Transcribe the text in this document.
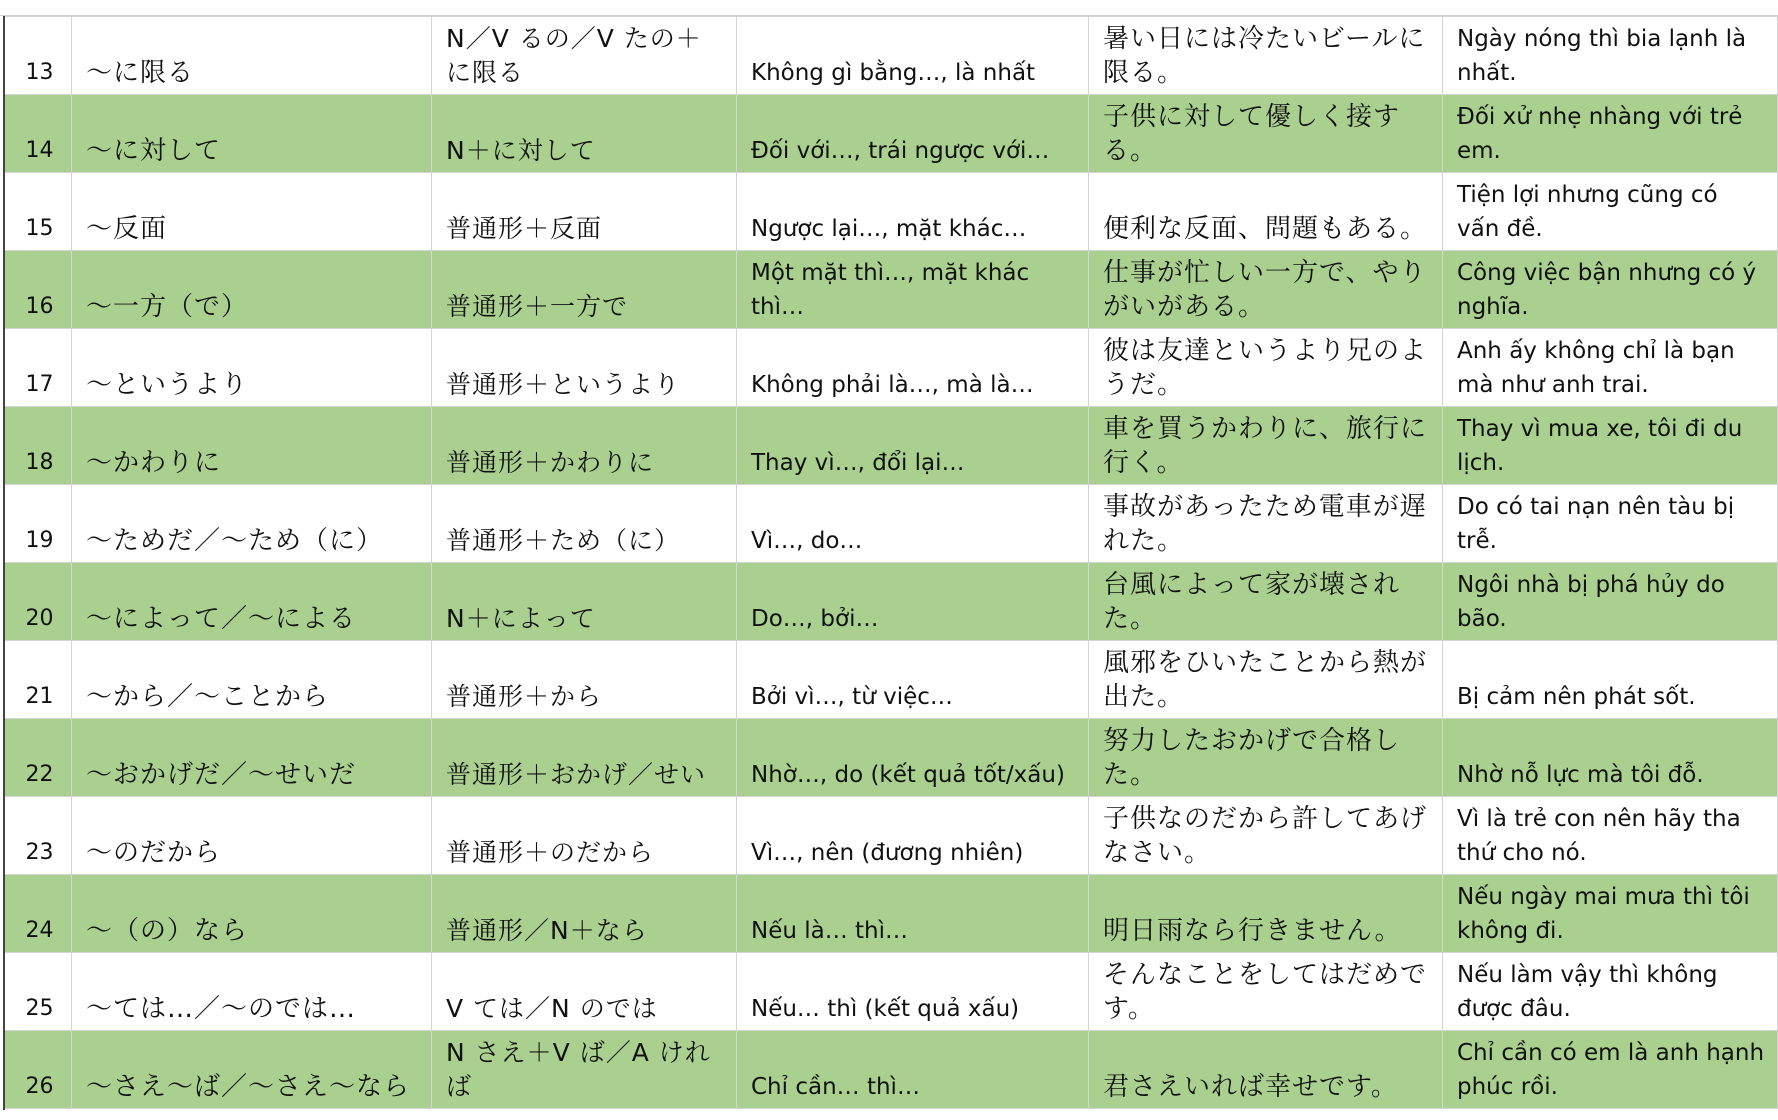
13	～に限る	N／V るの／V たの＋に限る	Không gì bằng…, là nhất	暑い日には冷たいビールに限る。	Ngày nóng thì bia lạnh là nhất.
14	～に対して	N＋に対して	Đối với…, trái ngược với…	子供に対して優しく接する。	Đối xử nhẹ nhàng với trẻ em.
15	～反面	普通形＋反面	Ngược lại…, mặt khác…	便利な反面、問題もある。	Tiện lợi nhưng cũng có vấn đề.
16	～一方（で）	普通形＋一方で	Một mặt thì…, mặt khác thì…	仕事が忙しい一方で、やりがいがある。	Công việc bận nhưng có ý nghĩa.
17	～というより	普通形＋というより	Không phải là…, mà là…	彼は友達というより兄のようだ。	Anh ấy không chỉ là bạn mà như anh trai.
18	～かわりに	普通形＋かわりに	Thay vì…, đổi lại…	車を買うかわりに、旅行に行く。	Thay vì mua xe, tôi đi du lịch.
19	～ためだ／～ため（に）	普通形＋ため（に）	Vì…, do…	事故があったため電車が遅れた。	Do có tai nạn nên tàu bị trễ.
20	～によって／～による	N＋によって	Do…, bởi…	台風によって家が壊された。	Ngôi nhà bị phá hủy do bão.
21	～から／～ことから	普通形＋から	Bởi vì…, từ việc…	風邪をひいたことから熱が出た。	Bị cảm nên phát sốt.
22	～おかげだ／～せいだ	普通形＋おかげ／せい	Nhờ…, do (kết quả tốt/xấu)	努力したおかげで合格した。	Nhờ nỗ lực mà tôi đỗ.
23	～のだから	普通形＋のだから	Vì…, nên (đương nhiên)	子供なのだから許してあげなさい。	Vì là trẻ con nên hãy tha thứ cho nó.
24	～（の）なら	普通形／N＋なら	Nếu là… thì…	明日雨なら行きません。	Nếu ngày mai mưa thì tôi không đi.
25	～ては…／～のでは…	V ては／N のでは	Nếu… thì (kết quả xấu)	そんなことをしてはだめです。	Nếu làm vậy thì không được đâu.
26	～さえ～ば／～さえ～なら	N さえ＋V ば／A ければ	Chỉ cần… thì…	君さえいれば幸せです。	Chỉ cần có em là anh hạnh phúc rồi.
